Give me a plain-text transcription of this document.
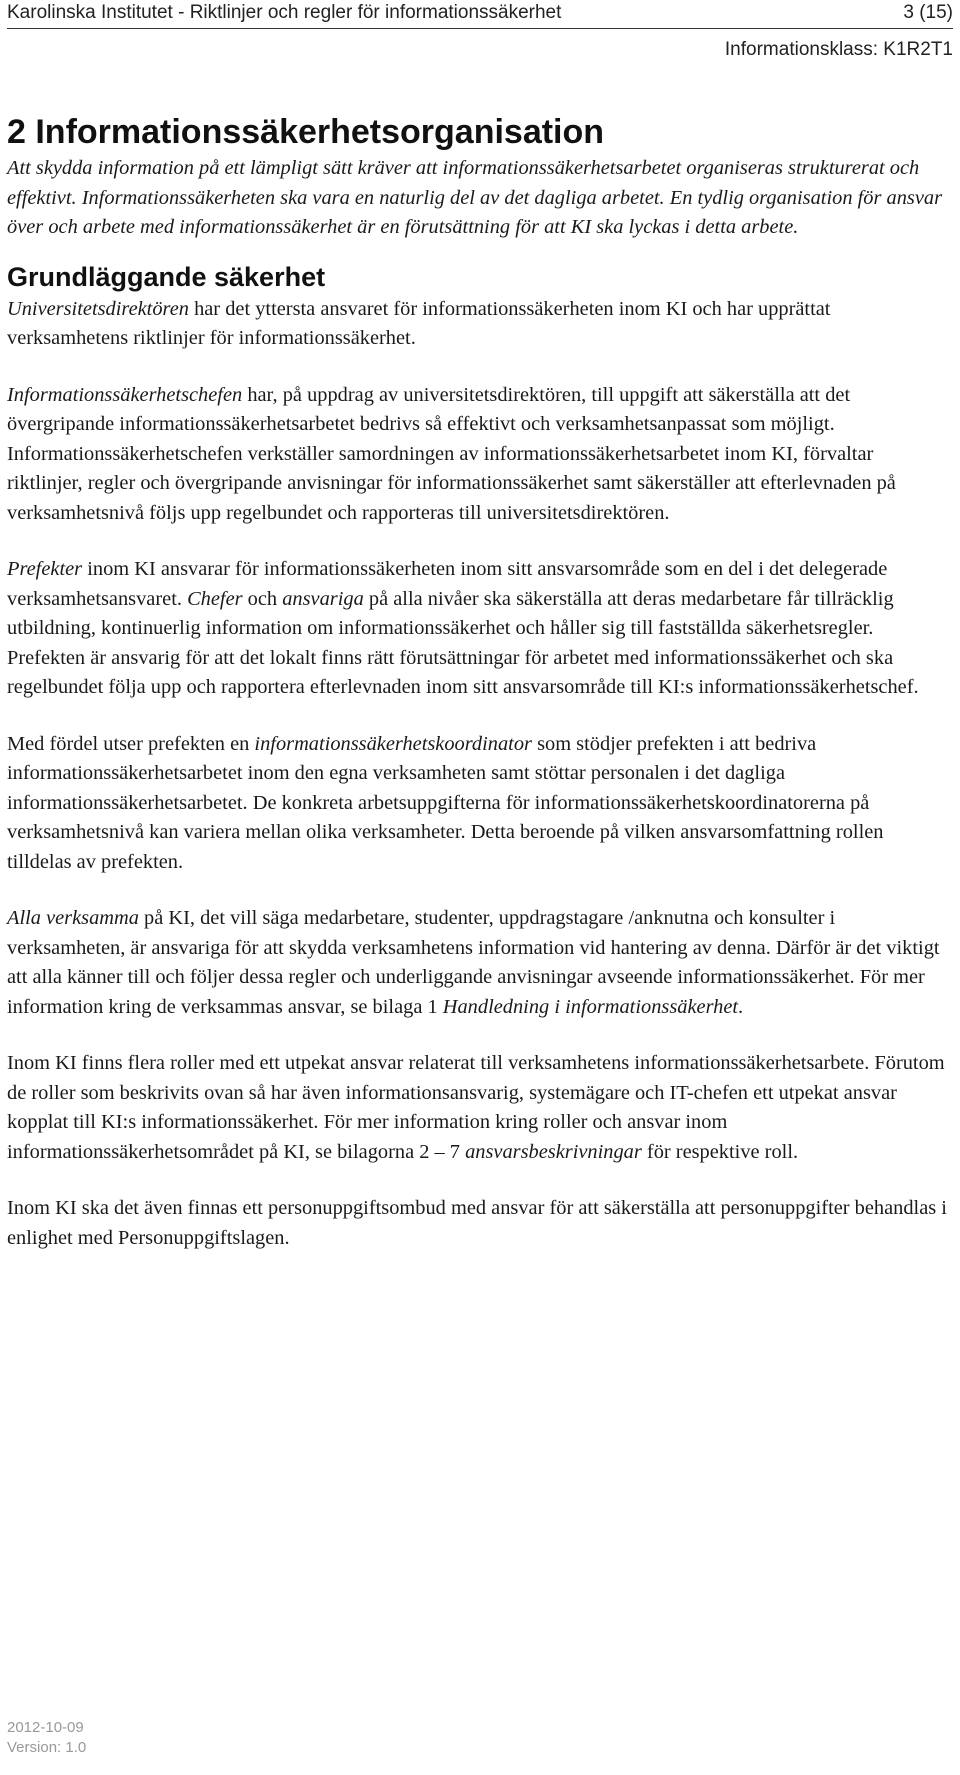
Karolinska Institutet - Riktlinjer och regler för informationssäkerhet	3 (15)
Informationsklass: K1R2T1
2 Informationssäkerhetsorganisation

Att skydda information på ett lämpligt sätt kräver att informationssäkerhetsarbetet organiseras strukturerat och effektivt. Informationssäkerheten ska vara en naturlig del av det dagliga arbetet. En tydlig organisation för ansvar över och arbete med informationssäkerhet är en förutsättning för att KI ska lyckas i detta arbete.

Grundläggande säkerhet

Universitetsdirektören har det yttersta ansvaret för informationssäkerheten inom KI och har upprättat verksamhetens riktlinjer för informationssäkerhet.

Informationssäkerhetschefen har, på uppdrag av universitetsdirektören, till uppgift att säkerställa att det övergripande informationssäkerhetsarbetet bedrivs så effektivt och verksamhetsanpassat som möjligt. Informationssäkerhetschefen verkställer samordningen av informationssäkerhetsarbetet inom KI, förvaltar riktlinjer, regler och övergripande anvisningar för informationssäkerhet samt säkerställer att efterlevnaden på verksamhetsnivå följs upp regelbundet och rapporteras till universitetsdirektören.

Prefekter inom KI ansvarar för informationssäkerheten inom sitt ansvarsområde som en del i det delegerade verksamhetsansvaret. Chefer och ansvariga på alla nivåer ska säkerställa att deras medarbetare får tillräcklig utbildning, kontinuerlig information om informationssäkerhet och håller sig till fastställda säkerhetsregler. Prefekten är ansvarig för att det lokalt finns rätt förutsättningar för arbetet med informationssäkerhet och ska regelbundet följa upp och rapportera efterlevnaden inom sitt ansvarsområde till KI:s informationssäkerhetschef.

Med fördel utser prefekten en informationssäkerhetskoordinator som stödjer prefekten i att bedriva informationssäkerhetsarbetet inom den egna verksamheten samt stöttar personalen i det dagliga informationssäkerhetsarbetet. De konkreta arbetsuppgifterna för informationssäkerhetskoordinatorerna på verksamhetsnivå kan variera mellan olika verksamheter. Detta beroende på vilken ansvarsomfattning rollen tilldelas av prefekten.

Alla verksamma på KI, det vill säga medarbetare, studenter, uppdragstagare /anknutna och konsulter i verksamheten, är ansvariga för att skydda verksamhetens information vid hantering av denna. Därför är det viktigt att alla känner till och följer dessa regler och underliggande anvisningar avseende informationssäkerhet. För mer information kring de verksammas ansvar, se bilaga 1 Handledning i informationssäkerhet.

Inom KI finns flera roller med ett utpekat ansvar relaterat till verksamhetens informationssäkerhetsarbete. Förutom de roller som beskrivits ovan så har även informationsansvarig, systemägare och IT-chefen ett utpekat ansvar kopplat till KI:s informationssäkerhet. För mer information kring roller och ansvar inom informationssäkerhetsområdet på KI, se bilagorna 2 – 7 ansvarsbeskrivningar för respektive roll.

Inom KI ska det även finnas ett personuppgiftsombud med ansvar för att säkerställa att personuppgifter behandlas i enlighet med Personuppgiftslagen.

2012-10-09
Version: 1.0
